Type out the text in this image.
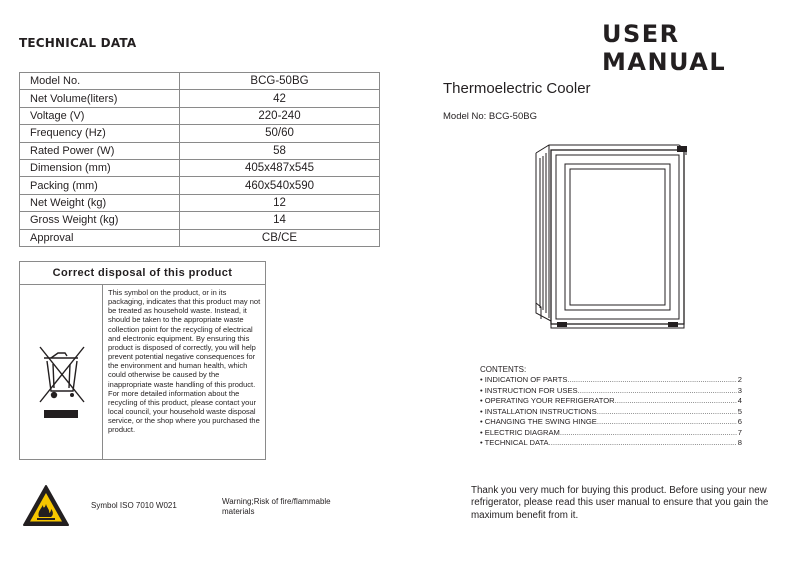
TECHNICAL DATA	USER MANUAL
Model No.	BCG-50BG
Net Volume(liters)	42
Voltage (V)	220-240
Frequency (Hz)	50/60
Rated Power (W)	58
Dimension (mm)	405x487x545
Packing (mm)	460x540x590
Net Weight (kg)	12
Gross Weight (kg)	14
Approval	CB/CE
Correct disposal of this product
This symbol on the product, or in its packaging, indicates that this product may not be treated as household waste. Instead, it should be taken to the appropriate waste collection point for the recycling of electrical and electronic equipment. By ensuring this product is disposed of correctly, you will help prevent potential negative consequences for the environment and human health, which could otherwise be caused by the inappropriate waste handling of this product. For more detailed information about the recycling of this product, please contact your local council, your household waste disposal service, or the shop where you purchased the product.
Symbol ISO 7010 W021	Warning;Risk of fire/flammable materials
Thermoelectric Cooler
Model No: BCG-50BG
CONTENTS:
• INDICATION OF PARTS .....	2
• INSTRUCTION FOR USES .....	3
• OPERATING YOUR REFRIGERATOR .....	4
• INSTALLATION INSTRUCTIONS .....	5
• CHANGING THE SWING HINGE .....	6
• ELECTRIC DIAGRAM .....	7
• TECHNICAL DATA .....	8
Thank you very much for buying this product. Before using your new refrigerator, please read this user manual to ensure that you gain the maximum benefit from it.
